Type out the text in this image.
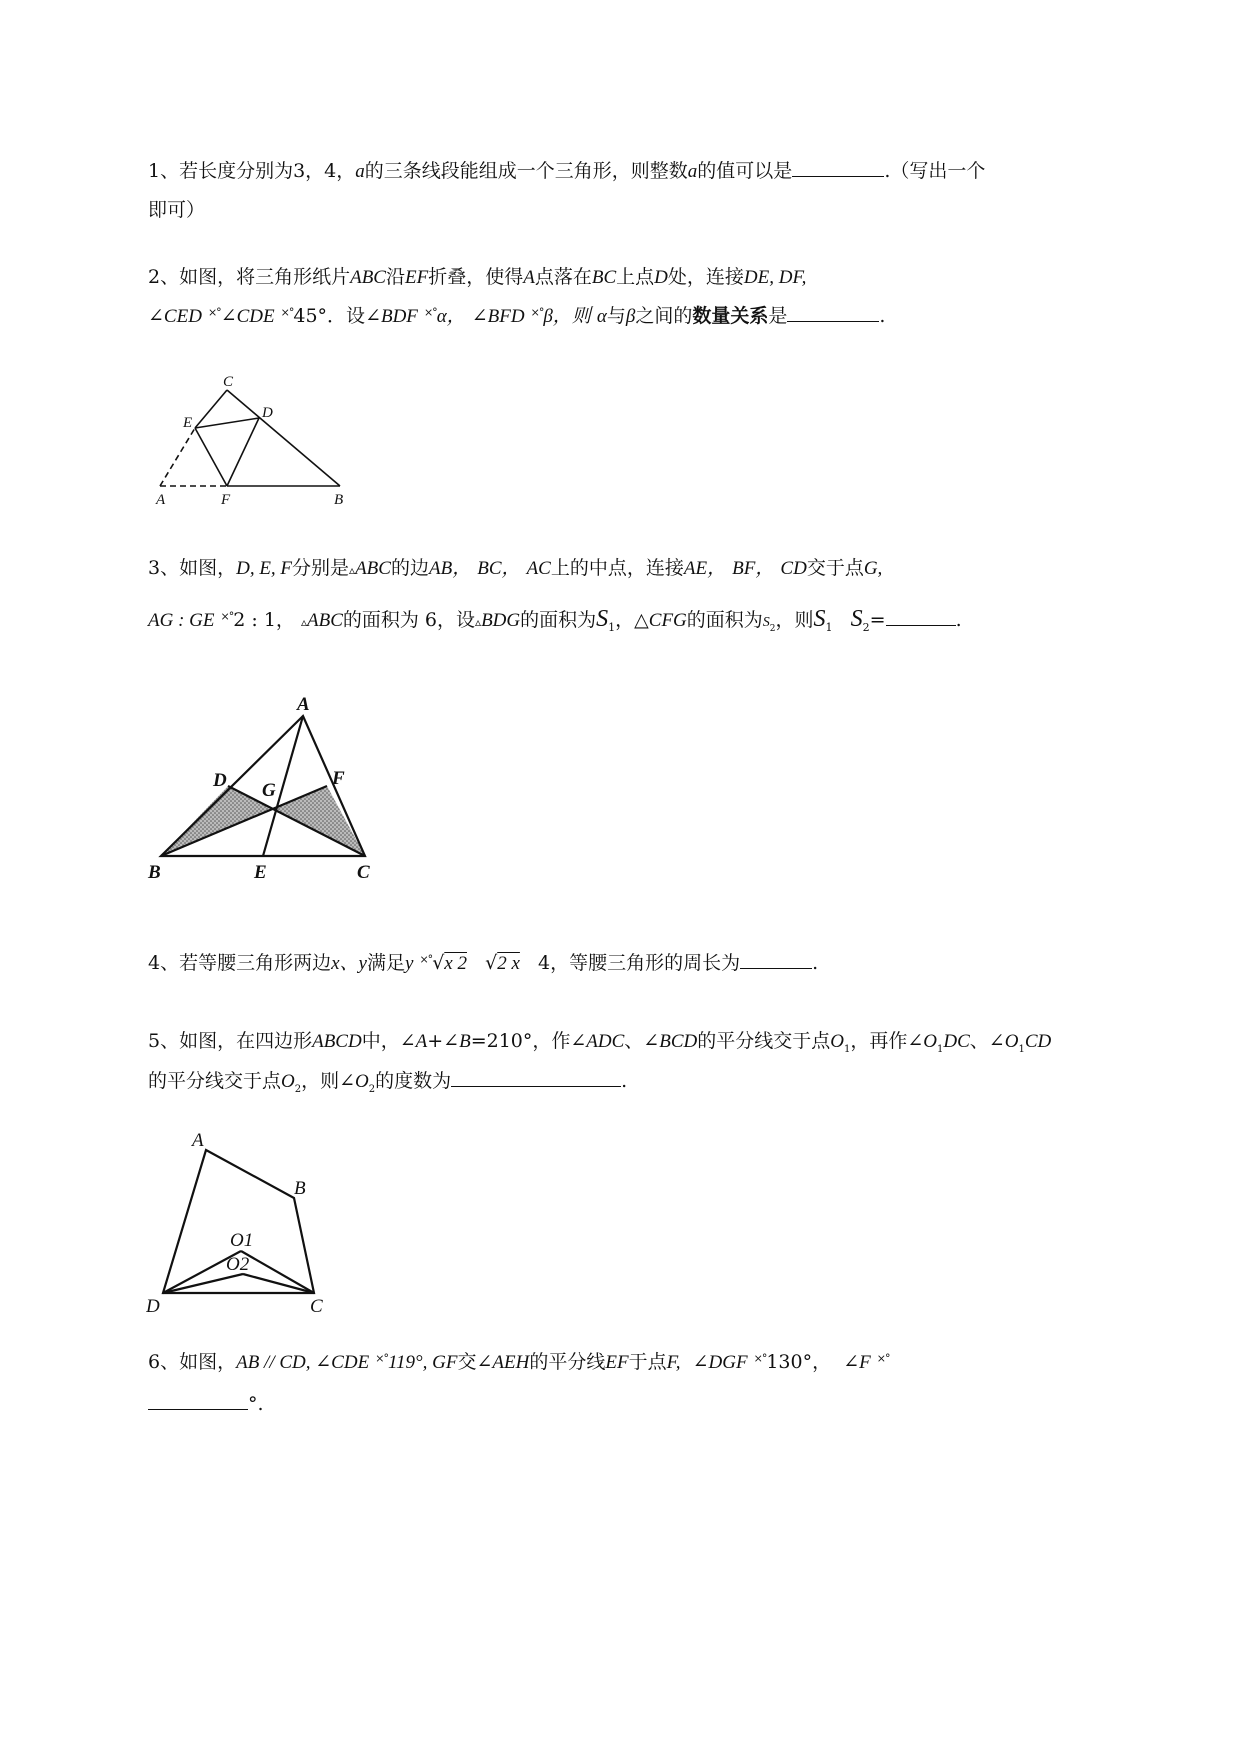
1、若长度分别为3，4，a的三条线段能组成一个三角形，则整数a的值可以是	.（写出一个
即可）
2、如图，将三角形纸片ABC沿EF折叠，使得A点落在BC上点D处，连接DE, DF,
∠CED ×°∠CDE ×°45°．设∠BDF ×°α， ∠BFD ×°β，则 α与β之间的数量关系是	.
C
D
E
A	F	B
3、如图，D, E, F分别是▵ABC的边AB， BC， AC上的中点，连接AE， BF， CD交于点G,
AG : GE ×°2 : 1， ▵ABC的面积为 6，设▵BDG的面积为$S_1$，△CFG的面积为$S_2$，则$S_1$ $S_2=$	.
A
D G
F
B	E	C
4、若等腰三角形两边x、y满足y ×°√x 2   √2 x 4，等腰三角形的周长为	.
5、如图，在四边形ABCD中，∠A+∠B=210°，作∠ADC、∠BCD的平分线交于点$O_1$，再作$\angle O_1DC$、$\angle O_1CD$
的平分线交于点$O_2$，则$\angle O_2$的度数为	.
A
B
O1
O2
D	C
6、如图，AB // CD, ∠CDE ×°119°, GF交∠AEH的平分线EF于点F, ∠DGF ×°130°， ∠F ×°
°.
